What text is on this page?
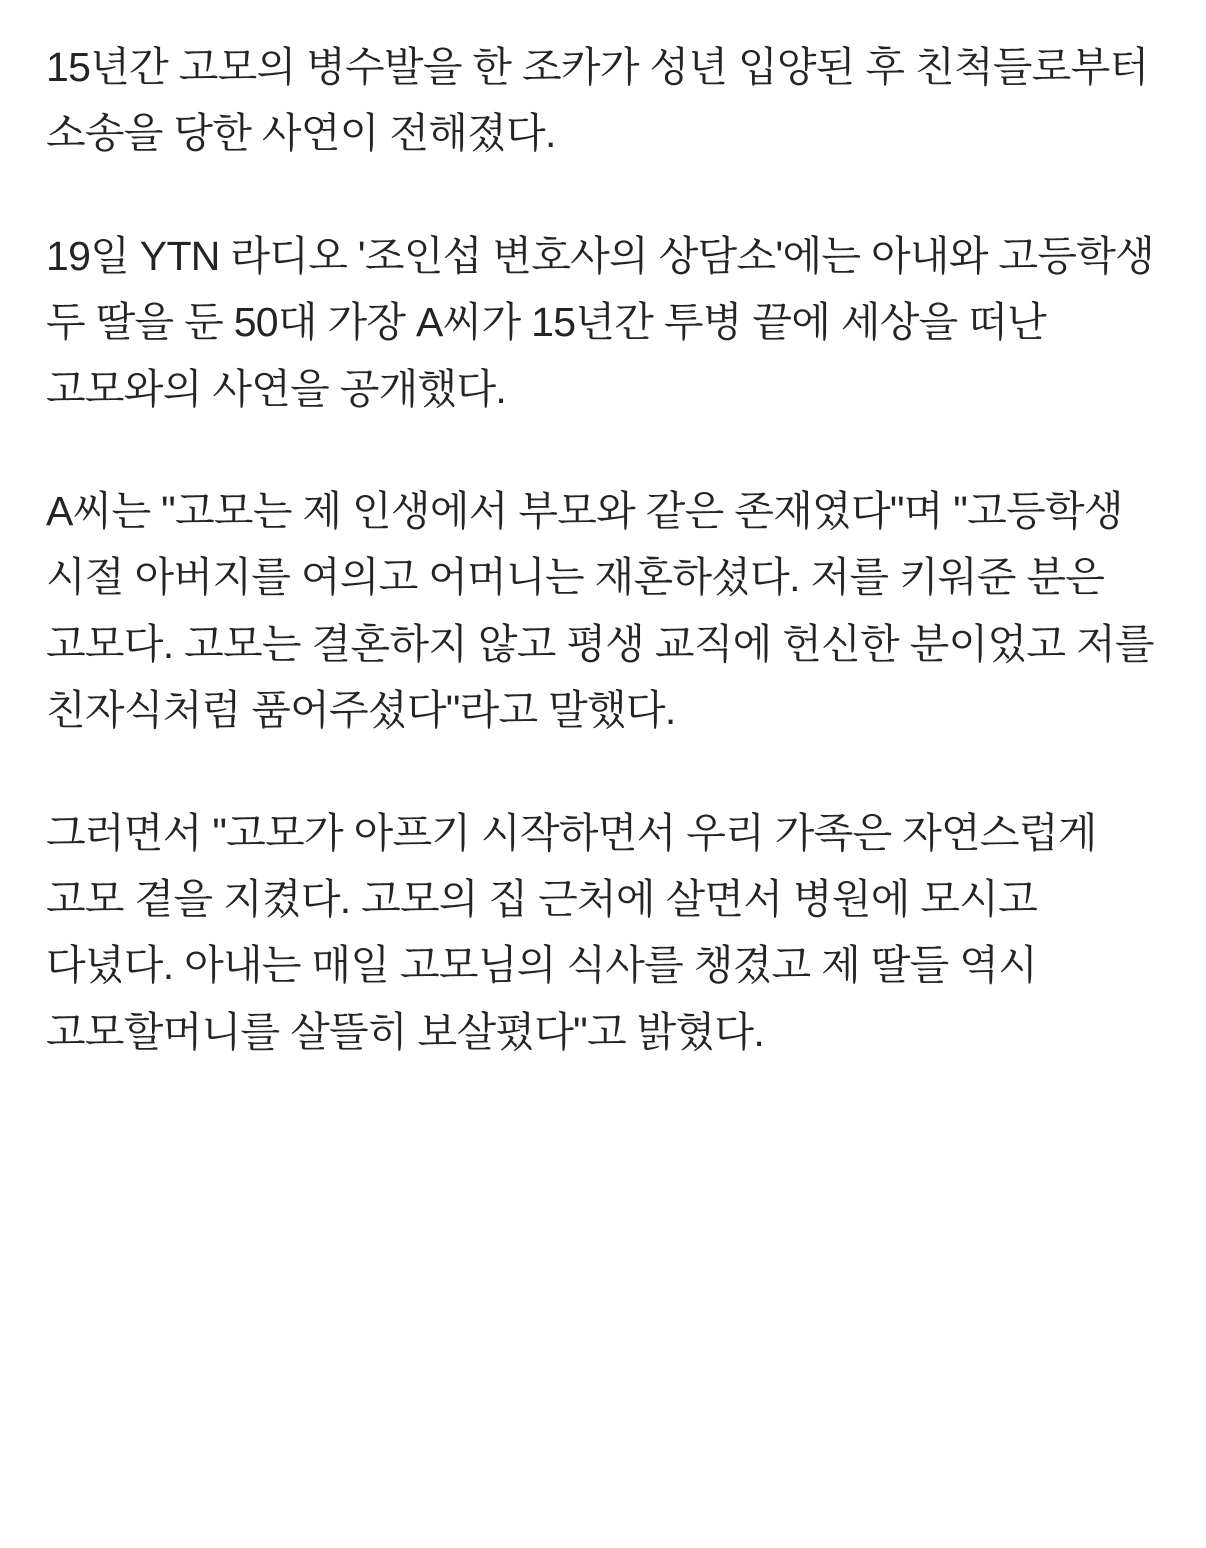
15년간 고모의 병수발을 한 조카가 성년 입양된 후 친척들로부터 소송을 당한 사연이 전해졌다.

19일 YTN 라디오 '조인섭 변호사의 상담소'에는 아내와 고등학생 두 딸을 둔 50대 가장 A씨가 15년간 투병 끝에 세상을 떠난 고모와의 사연을 공개했다.

A씨는 "고모는 제 인생에서 부모와 같은 존재였다"며 "고등학생 시절 아버지를 여의고 어머니는 재혼하셨다. 저를 키워준 분은 고모다. 고모는 결혼하지 않고 평생 교직에 헌신한 분이었고 저를 친자식처럼 품어주셨다"라고 말했다.

그러면서 "고모가 아프기 시작하면서 우리 가족은 자연스럽게 고모 곁을 지켰다. 고모의 집 근처에 살면서 병원에 모시고 다녔다. 아내는 매일 고모님의 식사를 챙겼고 제 딸들 역시 고모할머니를 살뜰히 보살폈다"고 밝혔다.
